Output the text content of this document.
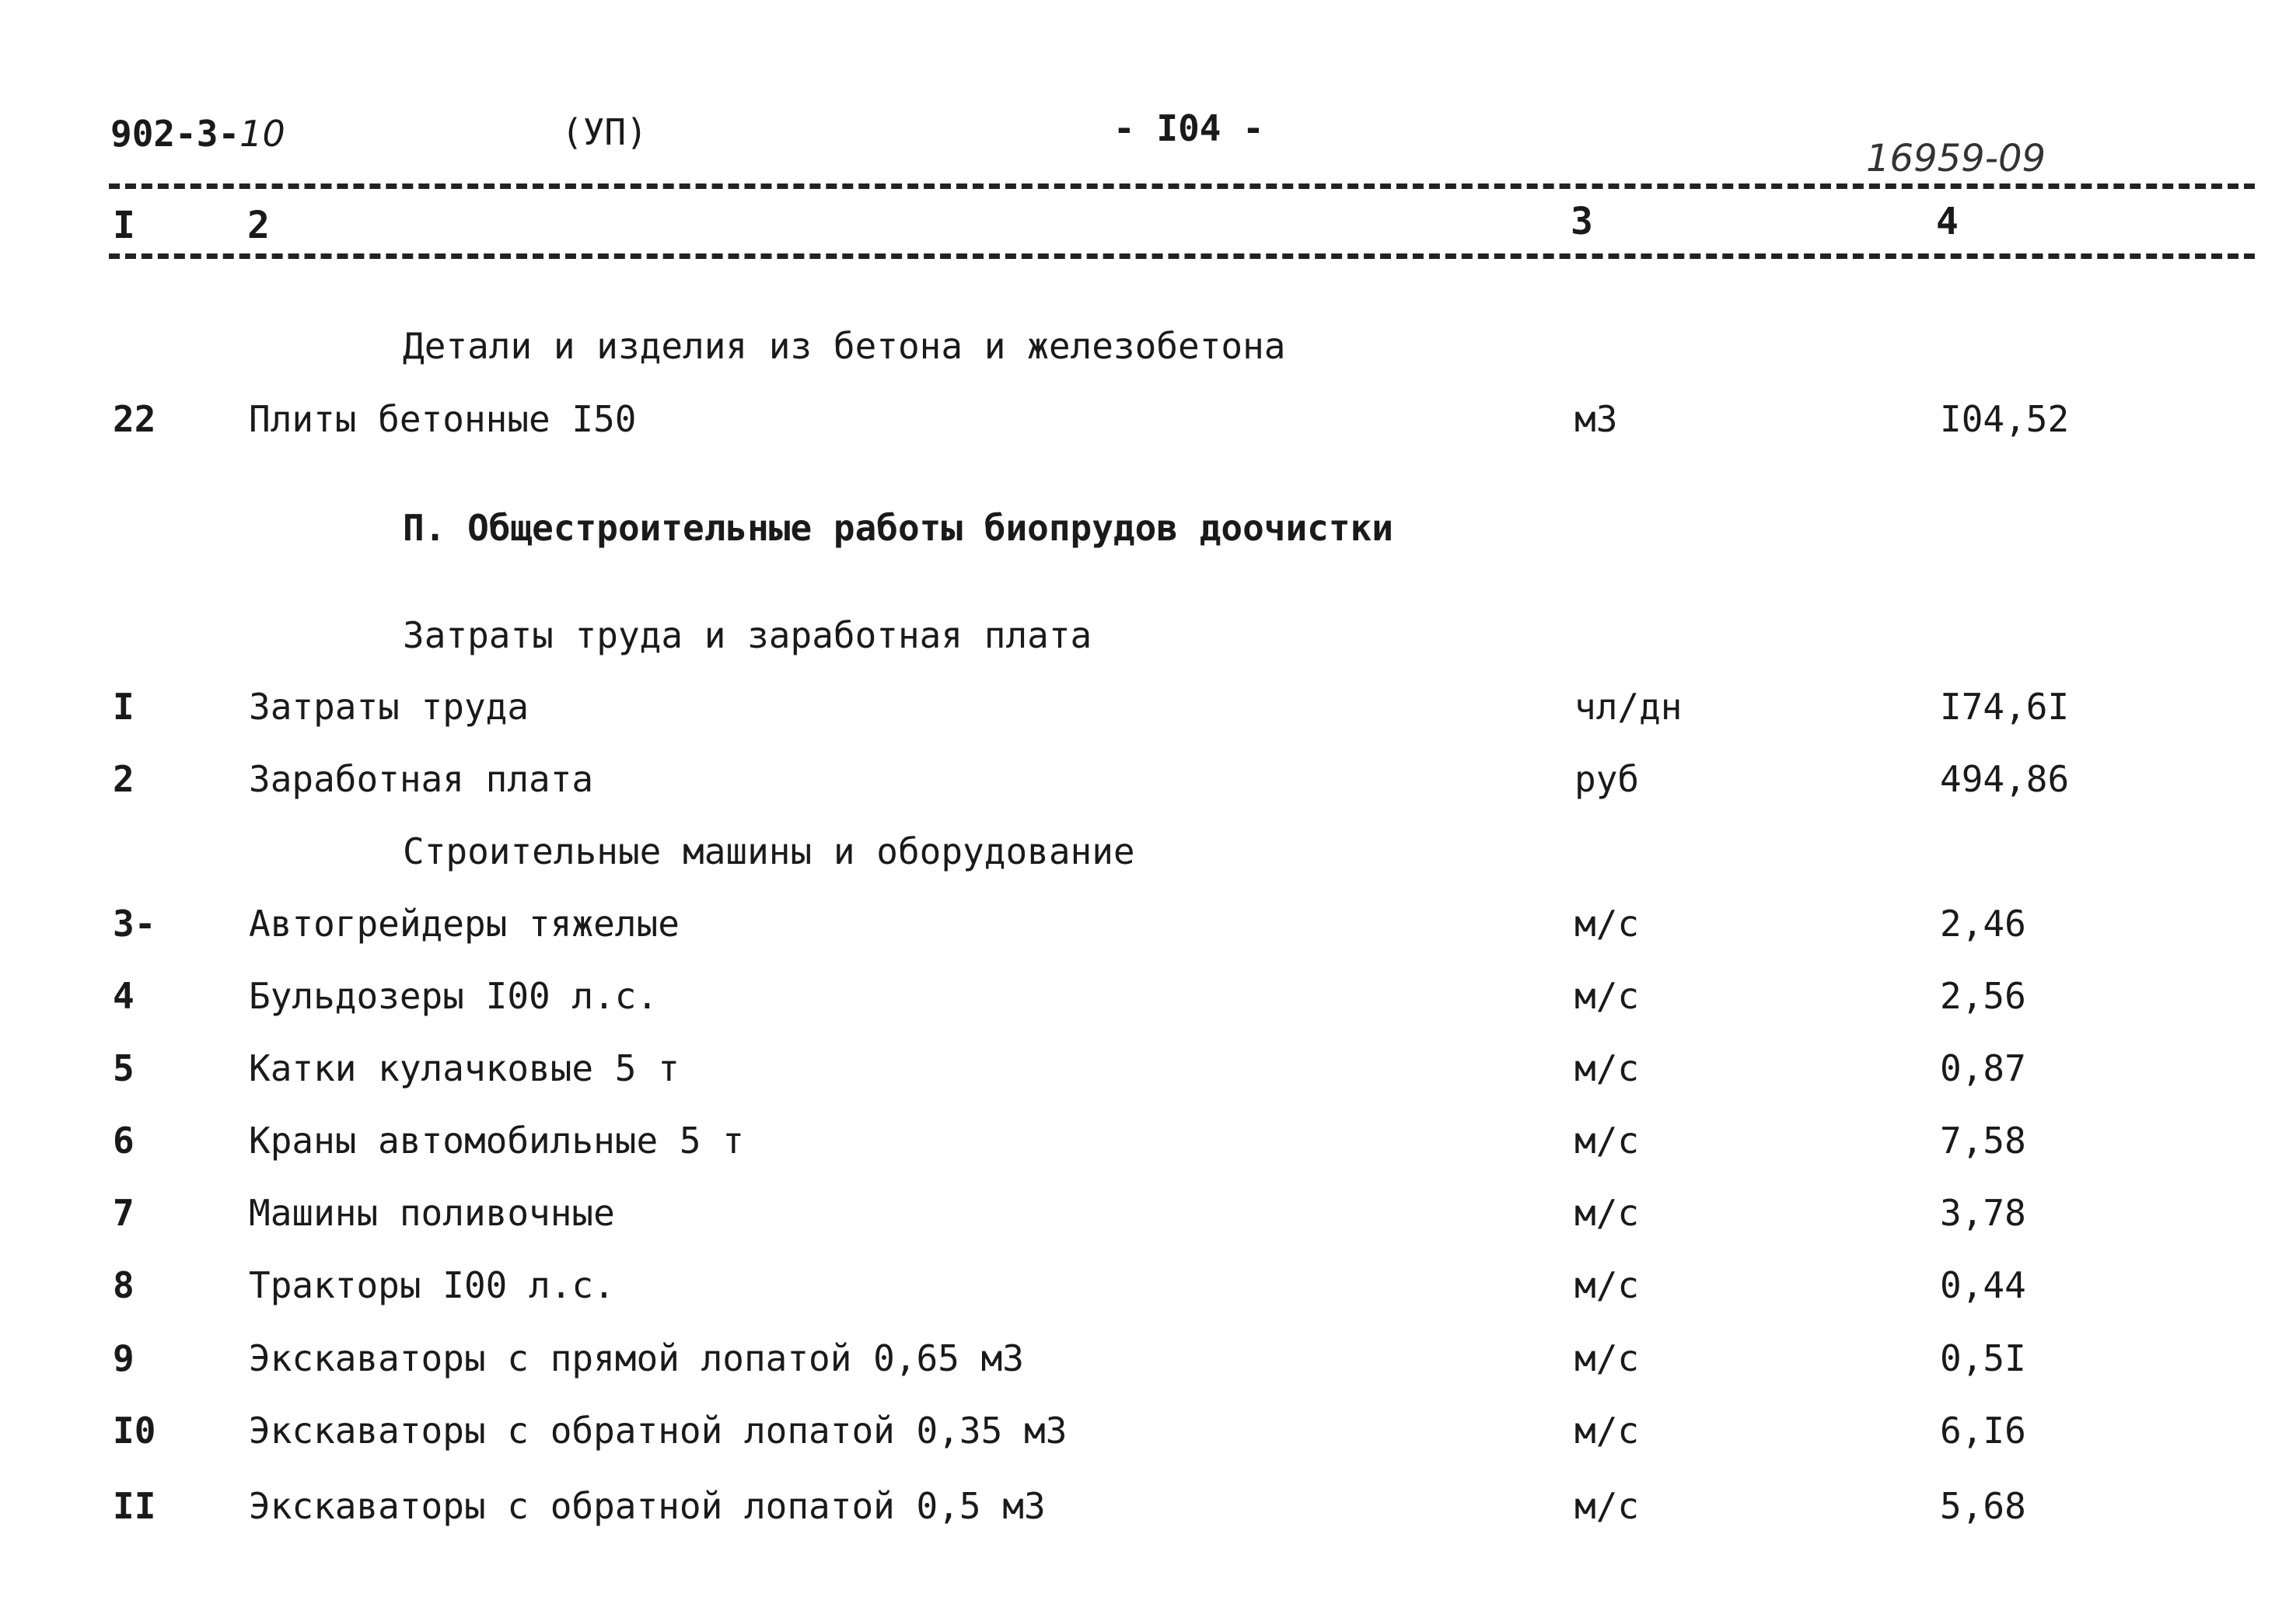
902-3-10	(УП)	- I04 -
16959-09
I	2	3	4
Детали и изделия из бетона и железобетона
22	Плиты бетонные I50	м3	I04,52
П. Общестроительные работы биопрудов доочистки
Затраты труда и заработная плата
I	Затраты труда	чл/дн	I74,6I
2	Заработная плата	руб	494,86
Строительные машины и оборудование
3-	Автогрейдеры тяжелые	м/с	2,46
4	Бульдозеры I00 л.с.	м/с	2,56
5	Катки кулачковые 5 т	м/с	0,87
6	Краны автомобильные 5 т	м/с	7,58
7	Машины поливочные	м/с	3,78
8	Тракторы I00 л.с.	м/с	0,44
9	Экскаваторы с прямой лопатой 0,65 м3	м/с	0,5I
I0	Экскаваторы с обратной лопатой 0,35 м3	м/с	6,I6
II	Экскаваторы с обратной лопатой 0,5 м3	м/с	5,68
